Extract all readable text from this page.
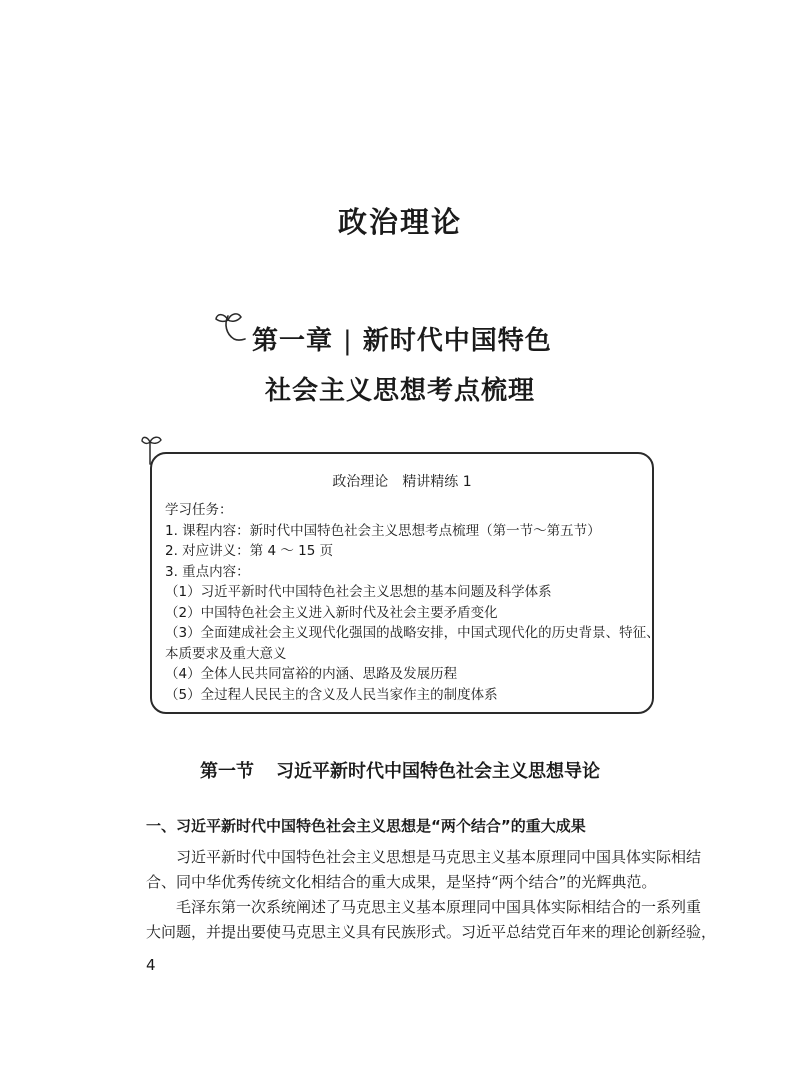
政治理论
第一章 | 新时代中国特色
社会主义思想考点梳理
政治理论 精讲精练 1
学习任务：
1. 课程内容：新时代中国特色社会主义思想考点梳理（第一节～第五节）
2. 对应讲义：第 4 ～ 15 页
3. 重点内容：
（1）习近平新时代中国特色社会主义思想的基本问题及科学体系
（2）中国特色社会主义进入新时代及社会主要矛盾变化
（3）全面建成社会主义现代化强国的战略安排，中国式现代化的历史背景、特征、
本质要求及重大意义
（4）全体人民共同富裕的内涵、思路及发展历程
（5）全过程人民民主的含义及人民当家作主的制度体系
第一节 习近平新时代中国特色社会主义思想导论
一、习近平新时代中国特色社会主义思想是“两个结合”的重大成果
习近平新时代中国特色社会主义思想是马克思主义基本原理同中国具体实际相结
合、同中华优秀传统文化相结合的重大成果，是坚持“两个结合”的光辉典范。
毛泽东第一次系统阐述了马克思主义基本原理同中国具体实际相结合的一系列重
大问题，并提出要使马克思主义具有民族形式。习近平总结党百年来的理论创新经验，
4
